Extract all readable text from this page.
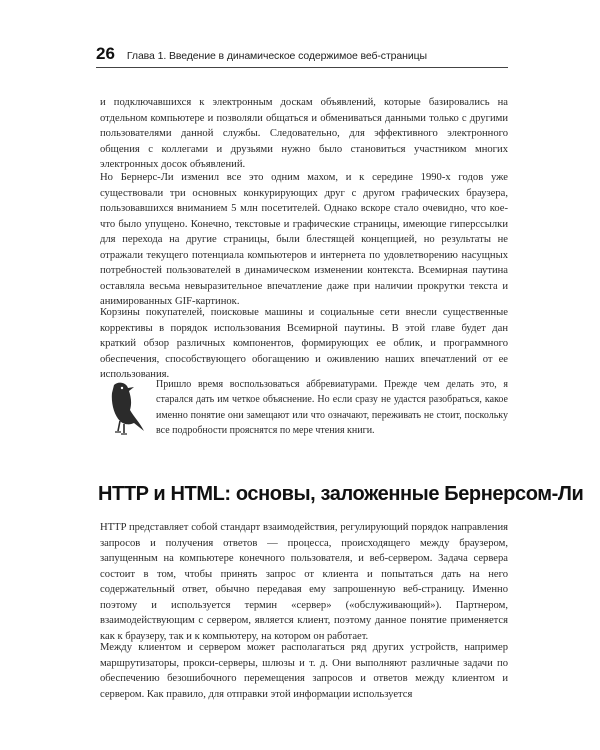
26 Глава 1. Введение в динамическое содержимое веб-страницы

и подключавшихся к электронным доскам объявлений, которые базировались на отдельном компьютере и позволяли общаться и обмениваться данными только с другими пользователями данной службы. Следовательно, для эффективного электронного общения с коллегами и друзьями нужно было становиться участником многих электронных досок объявлений.

Но Бернерс-Ли изменил все это одним махом, и к середине 1990-х годов уже существовали три основных конкурирующих друг с другом графических браузера, пользовавшихся вниманием 5 млн посетителей. Однако вскоре стало очевидно, что кое-что было упущено. Конечно, текстовые и графические страницы, имеющие гиперссылки для перехода на другие страницы, были блестящей концепцией, но результаты не отражали текущего потенциала компьютеров и интернета по удовлетворению насущных потребностей пользователей в динамическом изменении контекста. Всемирная паутина оставляла весьма невыразительное впечатление даже при наличии прокрутки текста и анимированных GIF-картинок.

Корзины покупателей, поисковые машины и социальные сети внесли существенные коррективы в порядок использования Всемирной паутины. В этой главе будет дан краткий обзор различных компонентов, формирующих ее облик, и программного обеспечения, способствующего обогащению и оживлению наших впечатлений от ее использования.

Пришло время воспользоваться аббревиатурами. Прежде чем делать это, я старался дать им четкое объяснение. Но если сразу не удастся разобраться, какое именно понятие они замещают или что означают, переживать не стоит, поскольку все подробности прояснятся по мере чтения книги.

HTTP и HTML: основы, заложенные Бернерсом-Ли

HTTP представляет собой стандарт взаимодействия, регулирующий порядок направления запросов и получения ответов — процесса, происходящего между браузером, запущенным на компьютере конечного пользователя, и веб-сервером. Задача сервера состоит в том, чтобы принять запрос от клиента и попытаться дать на него содержательный ответ, обычно передавая ему запрошенную веб-страницу. Именно поэтому и используется термин «сервер» («обслуживающий»). Партнером, взаимодействующим с сервером, является клиент, поэтому данное понятие применяется как к браузеру, так и к компьютеру, на котором он работает.

Между клиентом и сервером может располагаться ряд других устройств, например маршрутизаторы, прокси-серверы, шлюзы и т. д. Они выполняют различные задачи по обеспечению безошибочного перемещения запросов и ответов между клиентом и сервером. Как правило, для отправки этой информации используется
